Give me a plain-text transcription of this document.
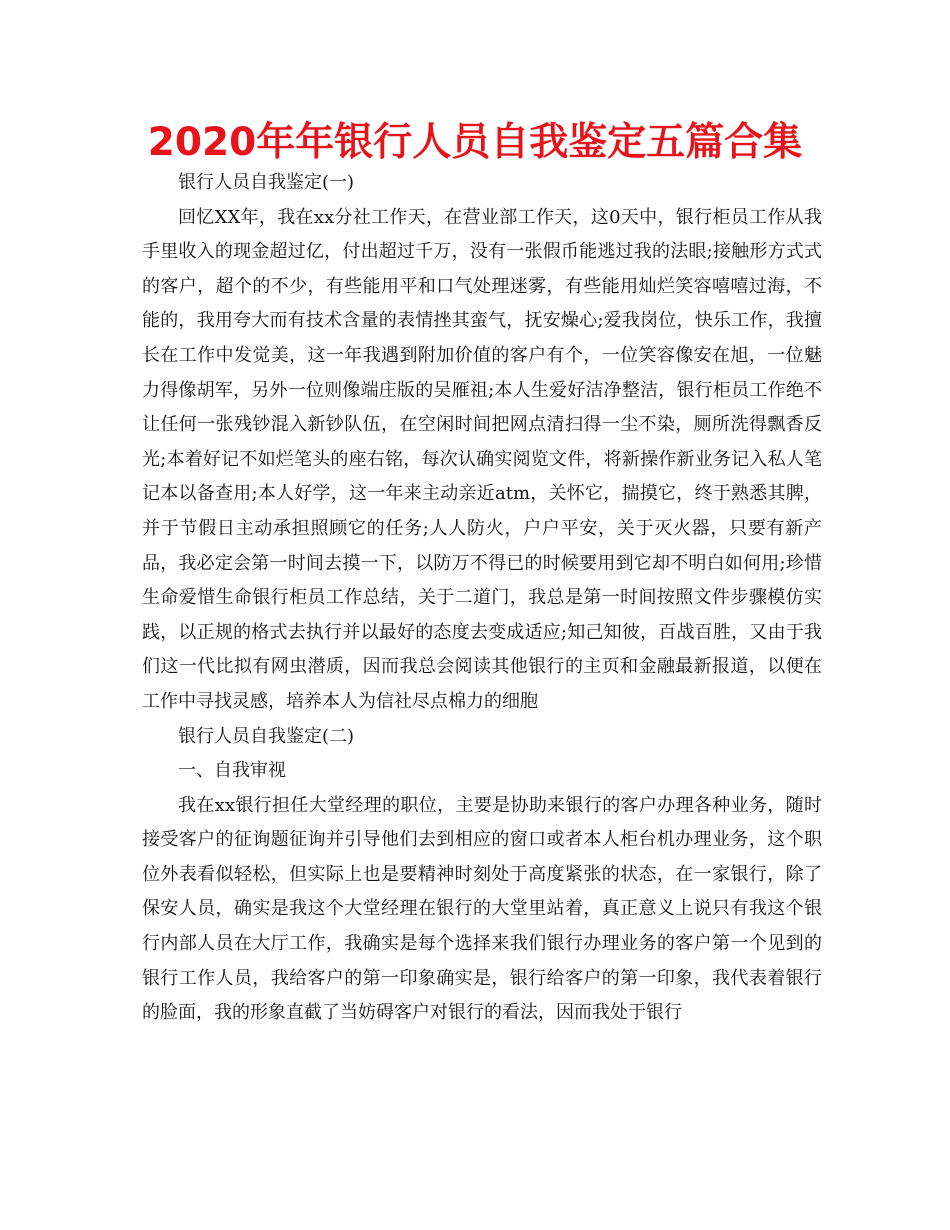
2020年年银行人员自我鉴定五篇合集

银行人员自我鉴定(一)

回忆XX年，我在xx分社工作天，在营业部工作天，这0天中，银行柜员工作从我手里收入的现金超过亿，付出超过千万，没有一张假币能逃过我的法眼;接触形方式式的客户，超个的不少，有些能用平和口气处理迷雾，有些能用灿烂笑容嘻嘻过海，不能的，我用夸大而有技术含量的表情挫其蛮气，抚安燥心;爱我岗位，快乐工作，我擅长在工作中发觉美，这一年我遇到附加价值的客户有个，一位笑容像安在旭，一位魅力得像胡军，另外一位则像端庄版的吴雁祖;本人生爱好洁净整洁，银行柜员工作绝不让任何一张残钞混入新钞队伍，在空闲时间把网点清扫得一尘不染，厕所洗得飘香反光;本着好记不如烂笔头的座右铭，每次认确实阅览文件，将新操作新业务记入私人笔记本以备查用;本人好学，这一年来主动亲近atm，关怀它，揣摸它，终于熟悉其脾，并于节假日主动承担照顾它的任务;人人防火，户户平安，关于灭火器，只要有新产品，我必定会第一时间去摸一下，以防万不得已的时候要用到它却不明白如何用;珍惜生命爱惜生命银行柜员工作总结，关于二道门，我总是第一时间按照文件步骤模仿实践，以正规的格式去执行并以最好的态度去变成适应;知己知彼，百战百胜，又由于我们这一代比拟有网虫潜质，因而我总会阅读其他银行的主页和金融最新报道，以便在工作中寻找灵感，培养本人为信社尽点棉力的细胞

银行人员自我鉴定(二)

一、自我审视

我在xx银行担任大堂经理的职位，主要是协助来银行的客户办理各种业务，随时接受客户的征询题征询并引导他们去到相应的窗口或者本人柜台机办理业务，这个职位外表看似轻松，但实际上也是要精神时刻处于高度紧张的状态，在一家银行，除了保安人员，确实是我这个大堂经理在银行的大堂里站着，真正意义上说只有我这个银行内部人员在大厅工作，我确实是每个选择来我们银行办理业务的客户第一个见到的银行工作人员，我给客户的第一印象确实是，银行给客户的第一印象，我代表着银行的脸面，我的形象直截了当妨碍客户对银行的看法，因而我处于银行
